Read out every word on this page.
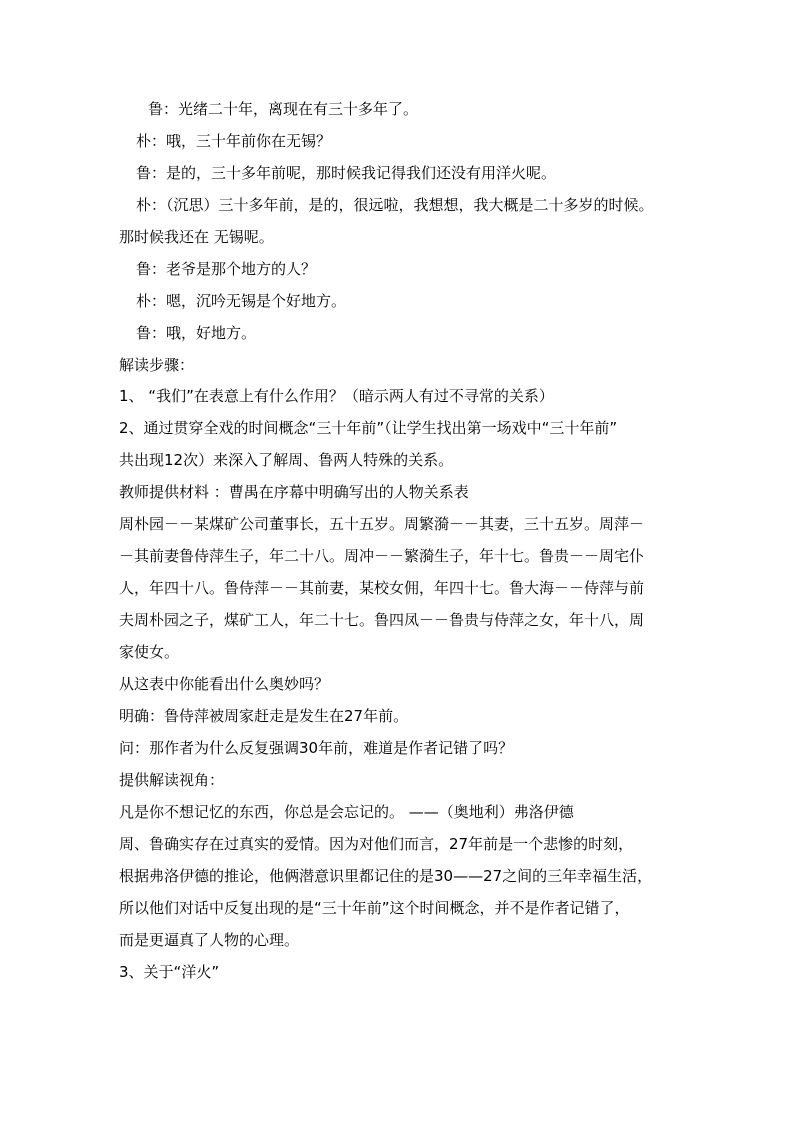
鲁：光绪二十年，离现在有三十多年了。
朴：哦，三十年前你在无锡？
鲁：是的，三十多年前呢，那时候我记得我们还没有用洋火呢。
朴：（沉思）三十多年前，是的，很远啦，我想想，我大概是二十多岁的时候。
那时候我还在 无锡呢。
鲁：老爷是那个地方的人？
朴：嗯，沉吟无锡是个好地方。
鲁：哦，好地方。
解读步骤：
1、 “我们”在表意上有什么作用？（暗示两人有过不寻常的关系）
2、通过贯穿全戏的时间概念“三十年前”（让学生找出第一场戏中“三十年前”
共出现12次）来深入了解周、鲁两人特殊的关系。
教师提供材料 ：曹禺在序幕中明确写出的人物关系表
周朴园－－某煤矿公司董事长，五十五岁。周繁漪－－其妻，三十五岁。周萍－
－其前妻鲁侍萍生子，年二十八。周冲－－繁漪生子，年十七。鲁贵－－周宅仆
人，年四十八。鲁侍萍－－其前妻，某校女佣，年四十七。鲁大海－－侍萍与前
夫周朴园之子，煤矿工人，年二十七。鲁四凤－－鲁贵与侍萍之女，年十八，周
家使女。
从这表中你能看出什么奥妙吗？
明确：鲁侍萍被周家赶走是发生在27年前。
问：那作者为什么反复强调30年前，难道是作者记错了吗？
提供解读视角：
凡是你不想记忆的东西，你总是会忘记的。 ——（奥地利）弗洛伊德
周、鲁确实存在过真实的爱情。因为对他们而言，27年前是一个悲惨的时刻，
根据弗洛伊德的推论，他俩潜意识里都记住的是30——27之间的三年幸福生活，
所以他们对话中反复出现的是“三十年前”这个时间概念，并不是作者记错了，
而是更逼真了人物的心理。
3、关于“洋火”
